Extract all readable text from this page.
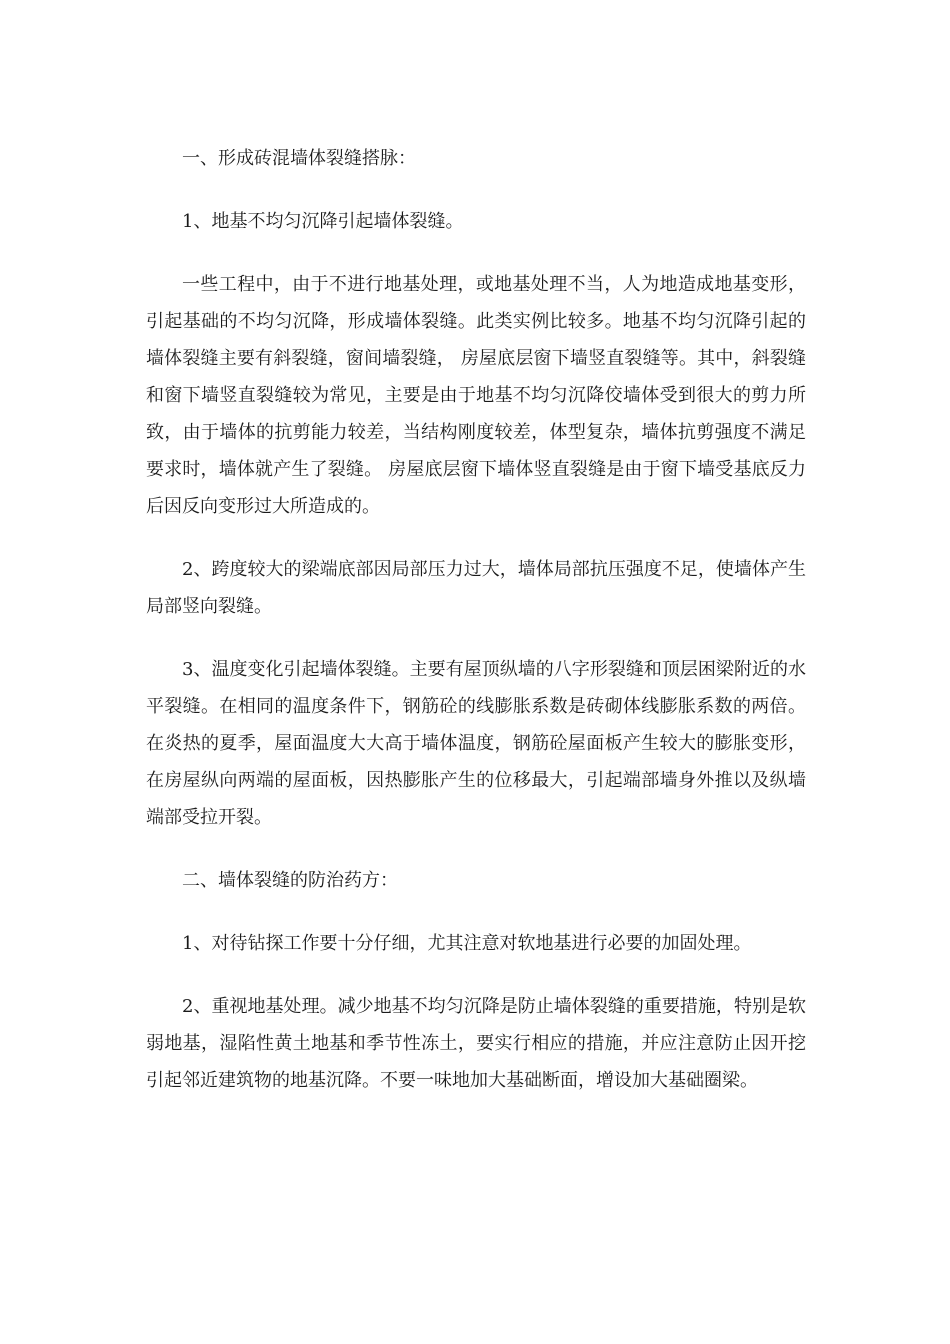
一、形成砖混墙体裂缝搭脉：

1、地基不均匀沉降引起墙体裂缝。

一些工程中，由于不进行地基处理，或地基处理不当，人为地造成地基变形，引起基础的不均匀沉降，形成墙体裂缝。此类实例比较多。地基不均匀沉降引起的墙体裂缝主要有斜裂缝，窗间墙裂缝， 房屋底层窗下墙竖直裂缝等。其中，斜裂缝和窗下墙竖直裂缝较为常见，主要是由于地基不均匀沉降佼墙体受到很大的剪力所致，由于墙体的抗剪能力较差，当结构刚度较差，体型复杂，墙体抗剪强度不满足要求时，墙体就产生了裂缝。 房屋底层窗下墙体竖直裂缝是由于窗下墙受基底反力后因反向变形过大所造成的。

2、跨度较大的梁端底部因局部压力过大，墙体局部抗压强度不足，使墙体产生局部竖向裂缝。

3、温度变化引起墙体裂缝。主要有屋顶纵墙的八字形裂缝和顶层困梁附近的水平裂缝。在相同的温度条件下，钢筋砼的线膨胀系数是砖砌体线膨胀系数的两倍。在炎热的夏季，屋面温度大大高于墙体温度，钢筋砼屋面板产生较大的膨胀变形，在房屋纵向两端的屋面板，因热膨胀产生的位移最大，引起端部墙身外推以及纵墙端部受拉开裂。

二、墙体裂缝的防治药方：

1、对待钻探工作要十分仔细，尤其注意对软地基进行必要的加固处理。

2、重视地基处理。减少地基不均匀沉降是防止墙体裂缝的重要措施，特别是软弱地基，湿陷性黄土地基和季节性冻土，要实行相应的措施，并应注意防止因开挖引起邻近建筑物的地基沉降。不要一味地加大基础断面，增设加大基础圈梁。
